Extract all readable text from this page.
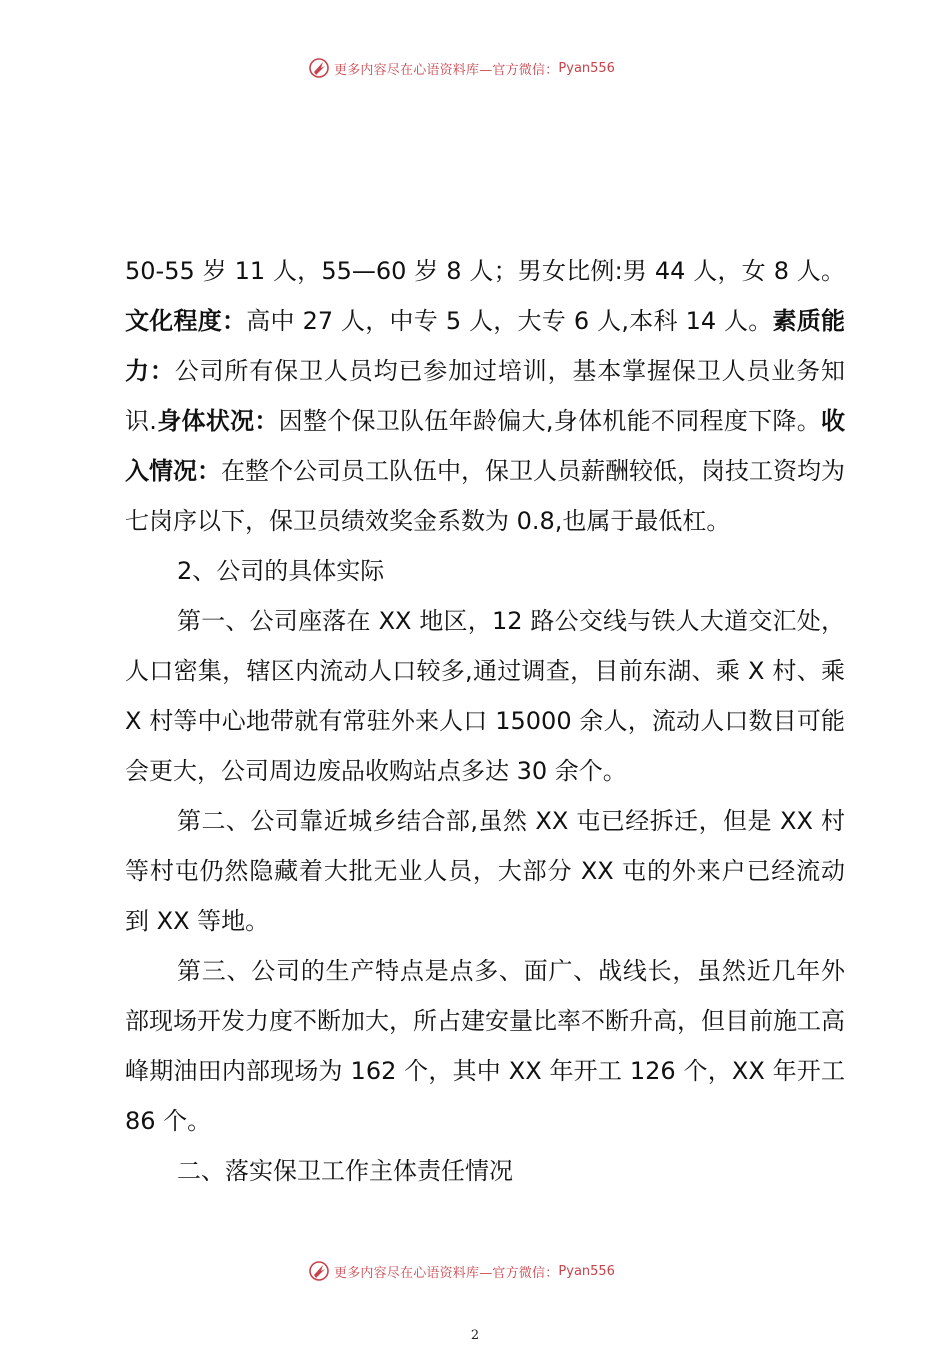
更多内容尽在心语资料库—官方微信： Pyan556

50-55 岁 11 人，55—60 岁 8 人；男女比例:男 44 人，女 8 人。文化程度：高中 27 人，中专 5 人，大专 6 人,本科 14 人。素质能力：公司所有保卫人员均已参加过培训，基本掌握保卫人员业务知识.身体状况：因整个保卫队伍年龄偏大,身体机能不同程度下降。收入情况：在整个公司员工队伍中，保卫人员薪酬较低，岗技工资均为七岗序以下，保卫员绩效奖金系数为 0.8,也属于最低杠。

2、公司的具体实际

第一、公司座落在 XX 地区，12 路公交线与铁人大道交汇处，人口密集，辖区内流动人口较多,通过调查，目前东湖、乘 X 村、乘 X 村等中心地带就有常驻外来人口 15000 余人，流动人口数目可能会更大，公司周边废品收购站点多达 30 余个。

第二、公司靠近城乡结合部,虽然 XX 屯已经拆迁，但是 XX 村等村屯仍然隐藏着大批无业人员，大部分 XX 屯的外来户已经流动到 XX 等地。

第三、公司的生产特点是点多、面广、战线长，虽然近几年外部现场开发力度不断加大，所占建安量比率不断升高，但目前施工高峰期油田内部现场为 162 个，其中 XX 年开工 126 个，XX 年开工 86 个。

二、落实保卫工作主体责任情况

更多内容尽在心语资料库—官方微信： Pyan556
2
